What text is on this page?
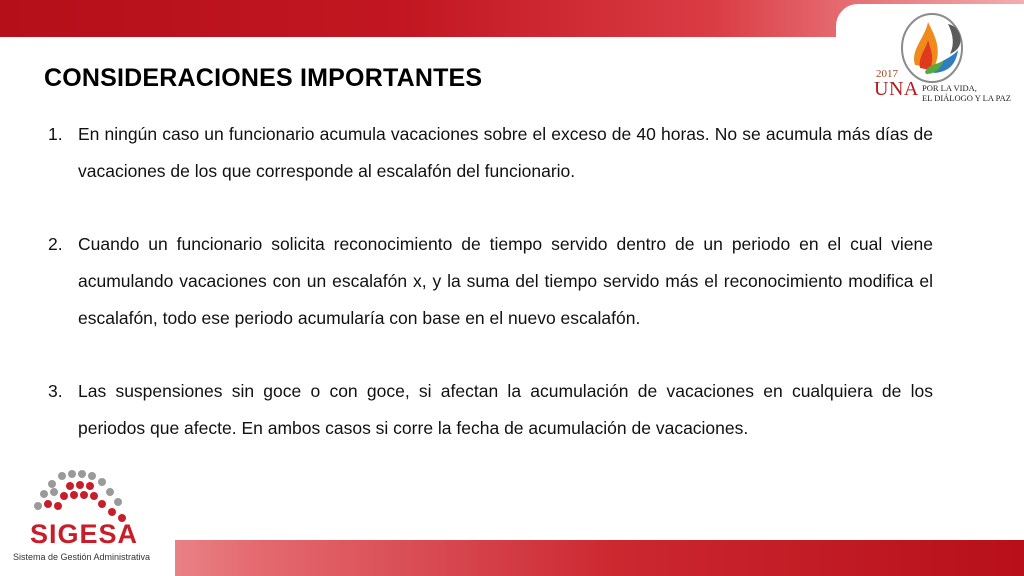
CONSIDERACIONES IMPORTANTES
1. En ningún caso un funcionario acumula vacaciones sobre el exceso de 40 horas. No se acumula más días de vacaciones de los que corresponde al escalafón del funcionario.
2. Cuando un funcionario solicita reconocimiento de tiempo servido dentro de un periodo en el cual viene acumulando vacaciones con un escalafón x, y la suma del tiempo servido más el reconocimiento modifica el escalafón, todo ese periodo acumularía con base en el nuevo escalafón.
3. Las suspensiones sin goce o con goce, si afectan la acumulación de vacaciones en cualquiera de los periodos que afecte. En ambos casos si corre la fecha de acumulación de vacaciones.
2017
UNA POR LA VIDA,
EL DIÁLOGO Y LA PAZ
SIGESA
Sistema de Gestión Administrativa
